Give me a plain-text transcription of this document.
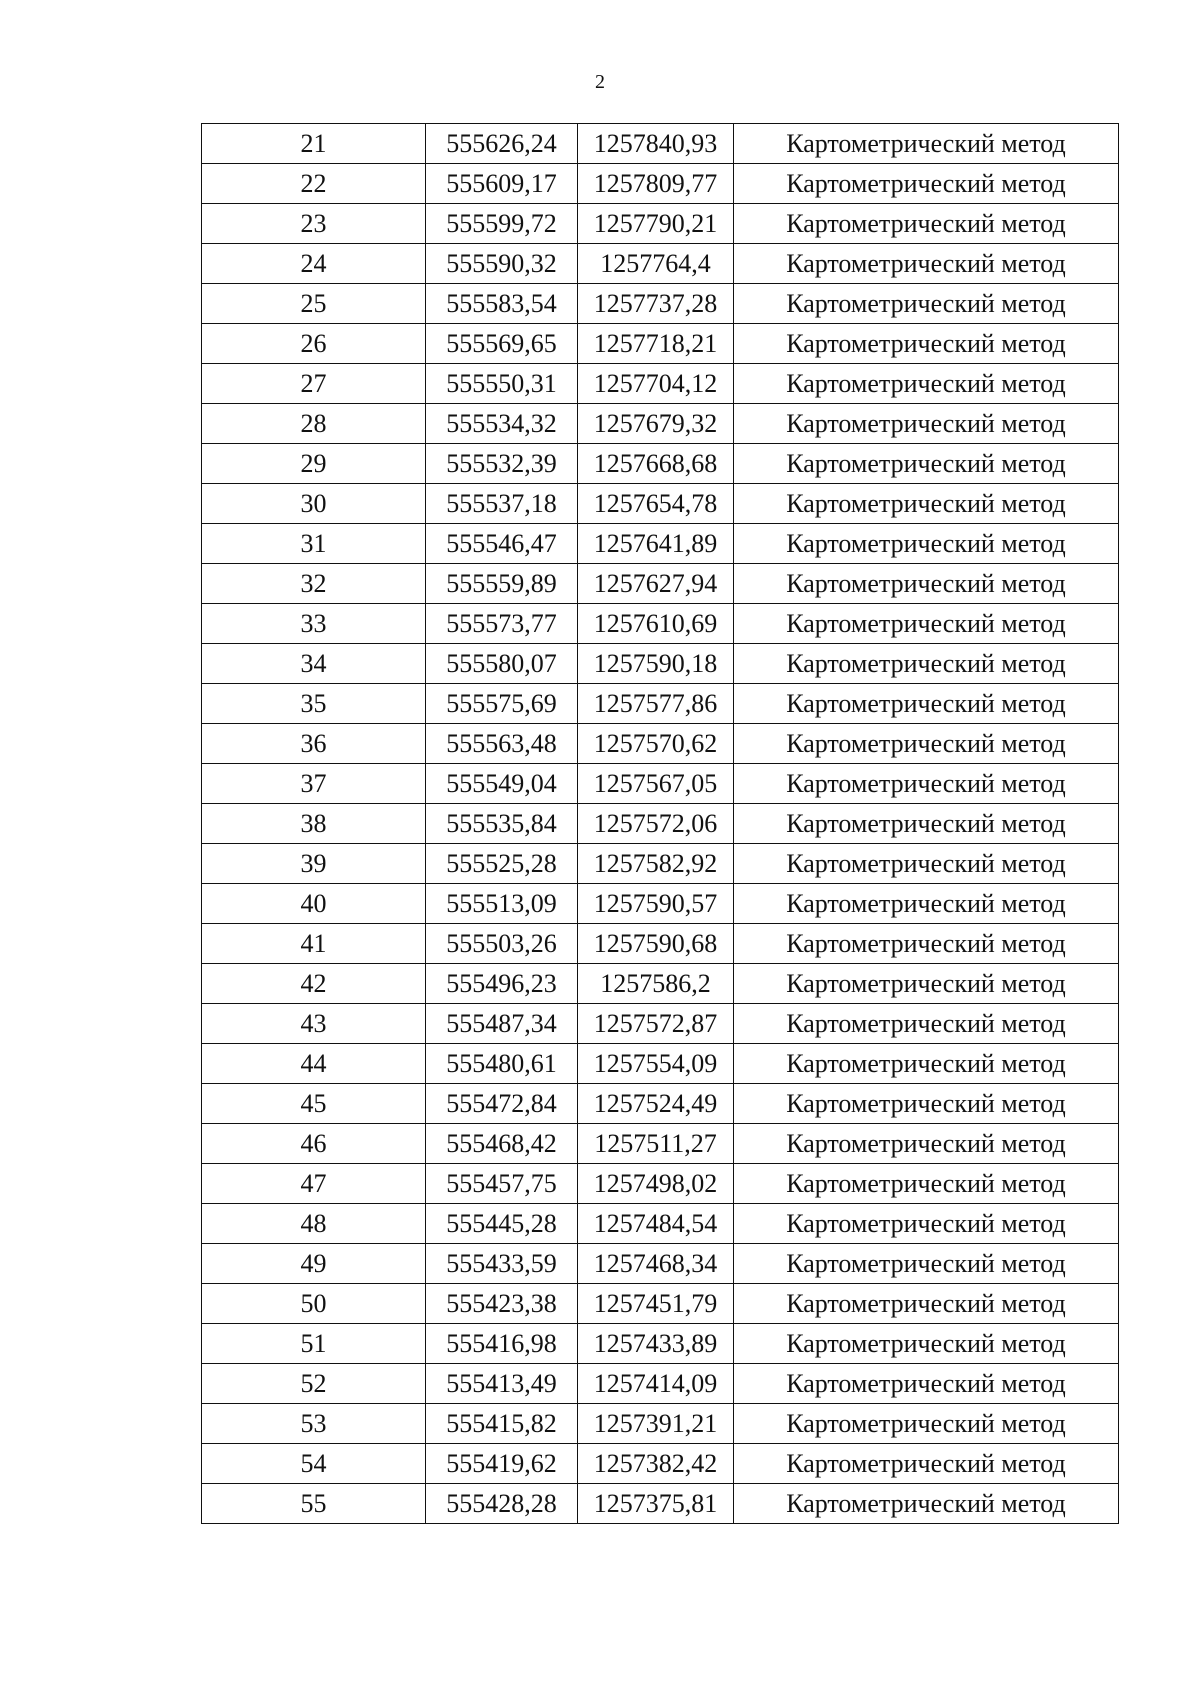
2
21	555626,24	1257840,93	Картометрический метод
22	555609,17	1257809,77	Картометрический метод
23	555599,72	1257790,21	Картометрический метод
24	555590,32	1257764,4	Картометрический метод
25	555583,54	1257737,28	Картометрический метод
26	555569,65	1257718,21	Картометрический метод
27	555550,31	1257704,12	Картометрический метод
28	555534,32	1257679,32	Картометрический метод
29	555532,39	1257668,68	Картометрический метод
30	555537,18	1257654,78	Картометрический метод
31	555546,47	1257641,89	Картометрический метод
32	555559,89	1257627,94	Картометрический метод
33	555573,77	1257610,69	Картометрический метод
34	555580,07	1257590,18	Картометрический метод
35	555575,69	1257577,86	Картометрический метод
36	555563,48	1257570,62	Картометрический метод
37	555549,04	1257567,05	Картометрический метод
38	555535,84	1257572,06	Картометрический метод
39	555525,28	1257582,92	Картометрический метод
40	555513,09	1257590,57	Картометрический метод
41	555503,26	1257590,68	Картометрический метод
42	555496,23	1257586,2	Картометрический метод
43	555487,34	1257572,87	Картометрический метод
44	555480,61	1257554,09	Картометрический метод
45	555472,84	1257524,49	Картометрический метод
46	555468,42	1257511,27	Картометрический метод
47	555457,75	1257498,02	Картометрический метод
48	555445,28	1257484,54	Картометрический метод
49	555433,59	1257468,34	Картометрический метод
50	555423,38	1257451,79	Картометрический метод
51	555416,98	1257433,89	Картометрический метод
52	555413,49	1257414,09	Картометрический метод
53	555415,82	1257391,21	Картометрический метод
54	555419,62	1257382,42	Картометрический метод
55	555428,28	1257375,81	Картометрический метод
